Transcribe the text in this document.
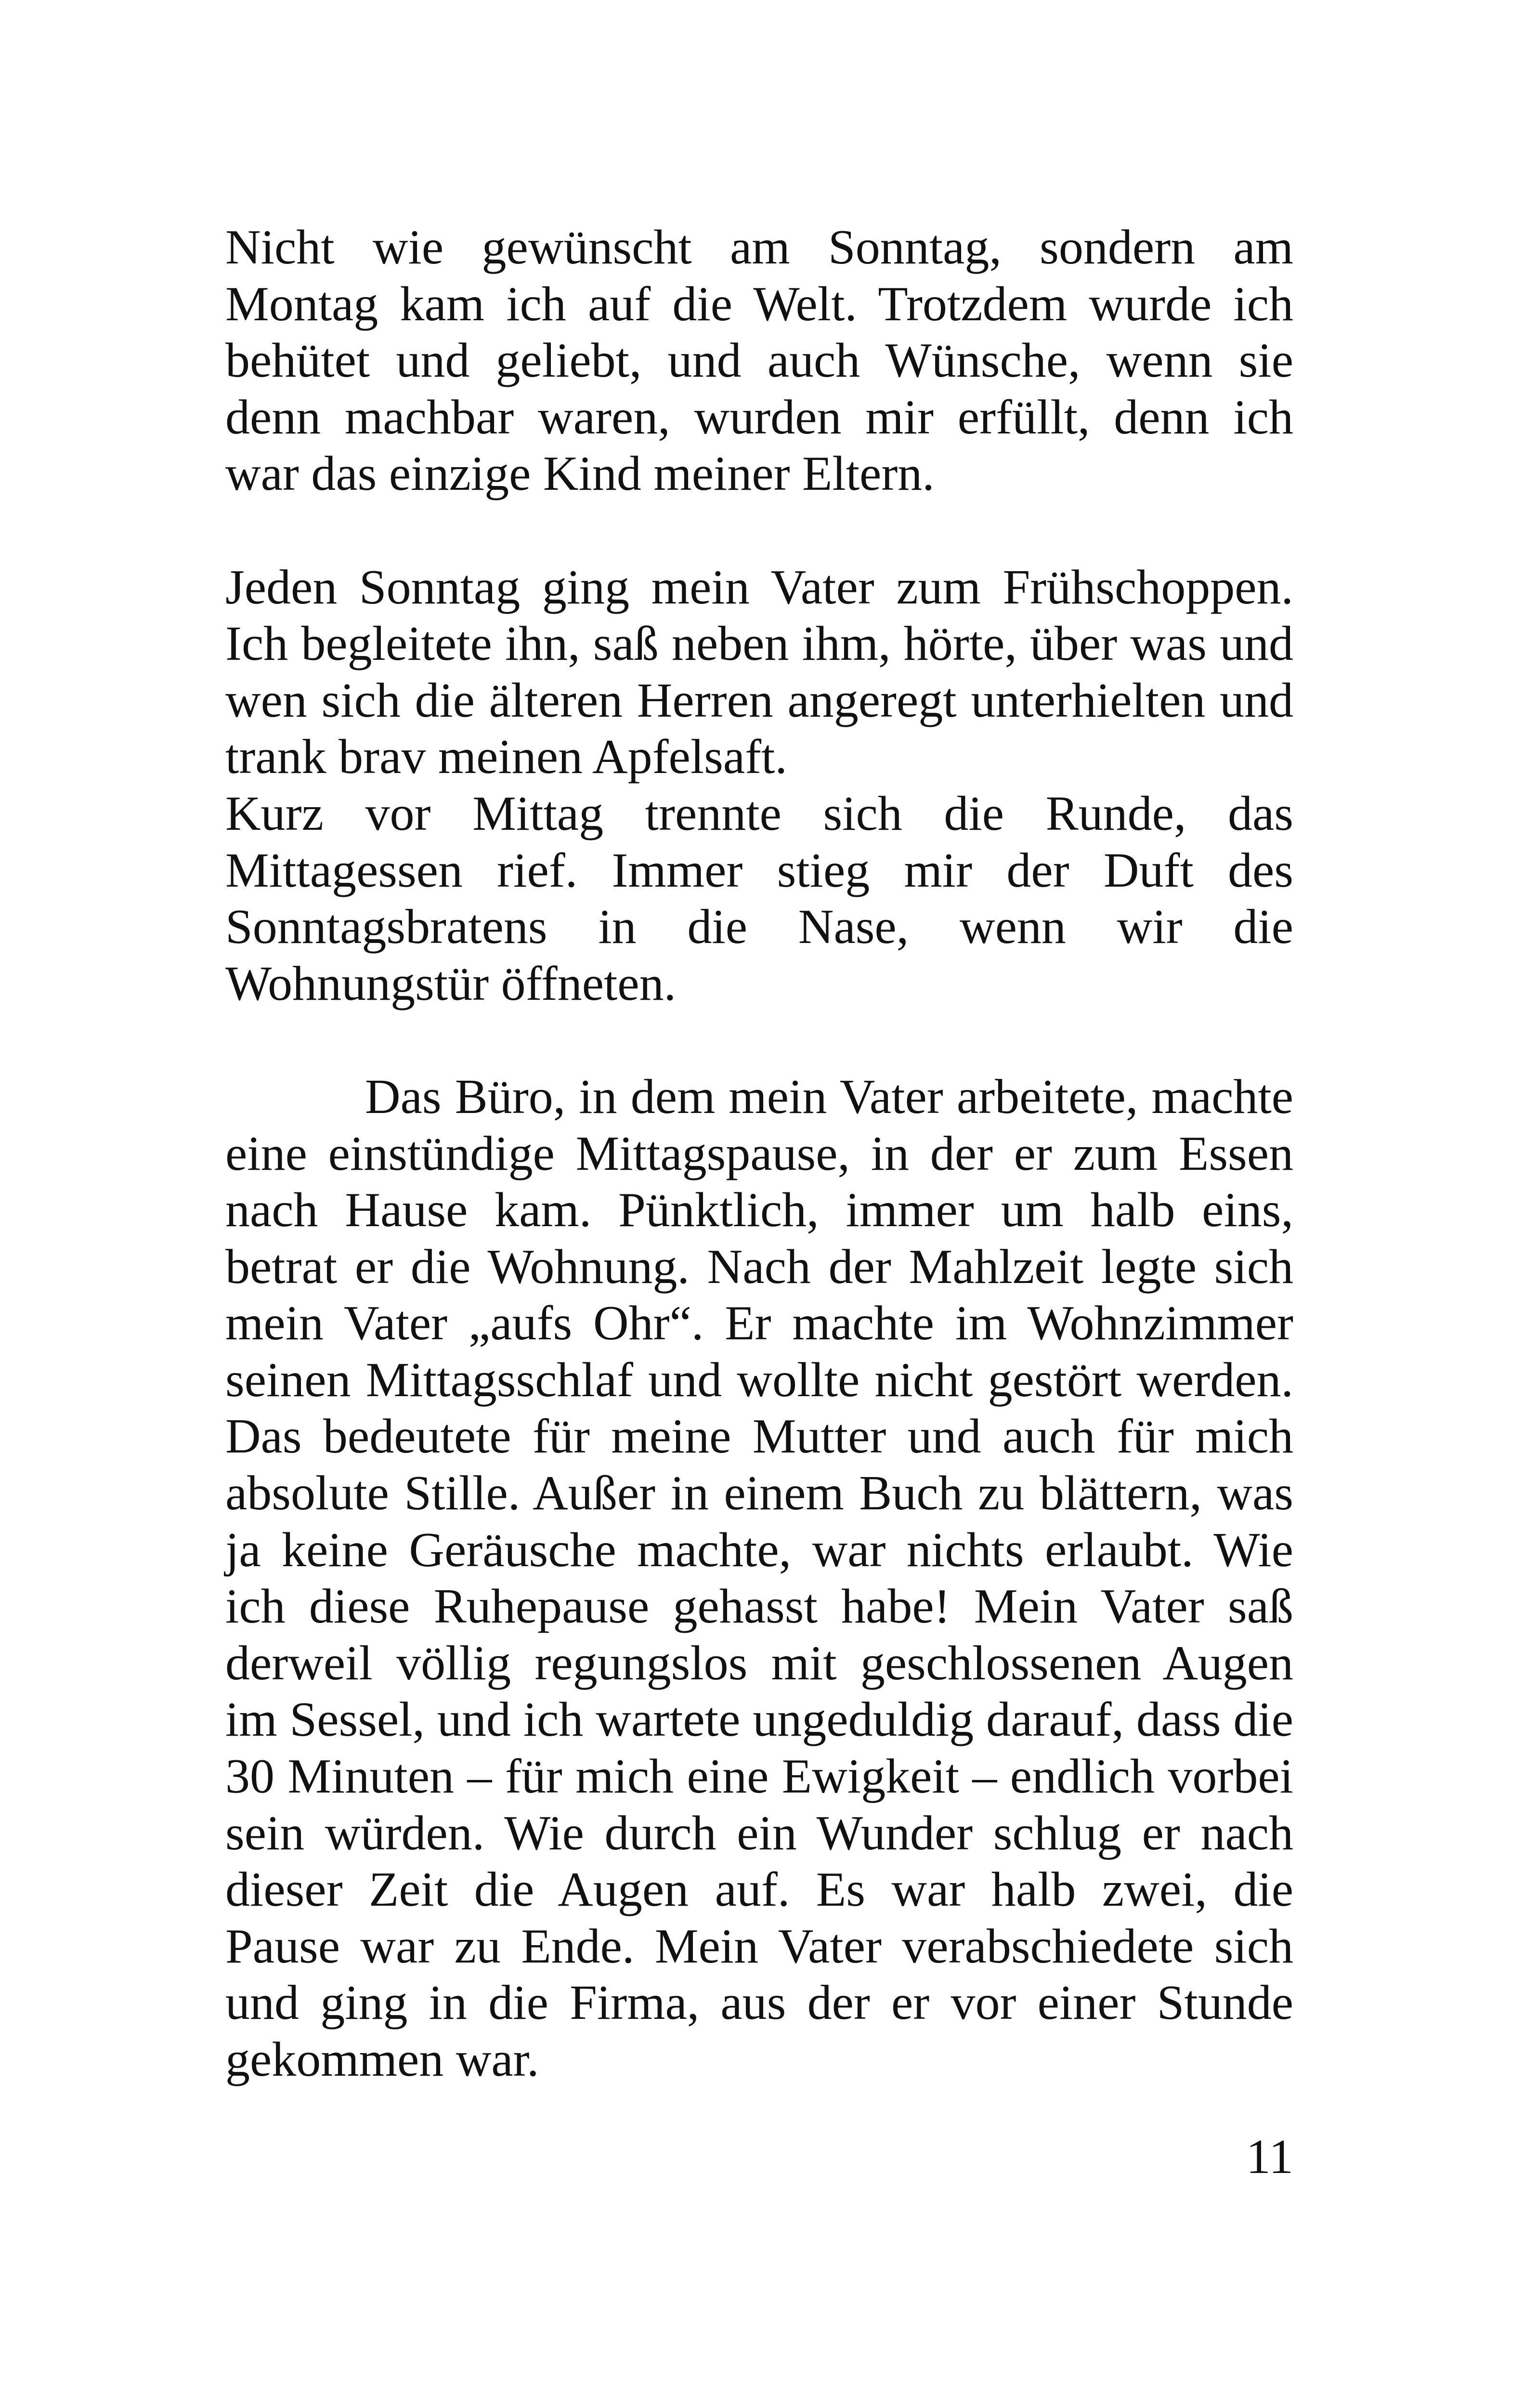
Nicht wie gewünscht am Sonntag, sondern am Montag kam ich auf die Welt. Trotzdem wurde ich behütet und geliebt, und auch Wünsche, wenn sie denn machbar waren, wurden mir erfüllt, denn ich war das einzige Kind meiner Eltern.

Jeden Sonntag ging mein Vater zum Frühschoppen. Ich begleitete ihn, saß neben ihm, hörte, über was und wen sich die älteren Herren angeregt unterhielten und trank brav meinen Apfelsaft.

Kurz vor Mittag trennte sich die Runde, das Mittagessen rief. Immer stieg mir der Duft des Sonntagsbratens in die Nase, wenn wir die Wohnungstür öffneten.

Das Büro, in dem mein Vater arbeitete, machte eine einstündige Mittagspause, in der er zum Essen nach Hause kam. Pünktlich, immer um halb eins, betrat er die Wohnung. Nach der Mahlzeit legte sich mein Vater „aufs Ohr“. Er machte im Wohnzimmer seinen Mittagsschlaf und wollte nicht gestört werden. Das bedeutete für meine Mutter und auch für mich absolute Stille. Außer in einem Buch zu blättern, was ja keine Geräusche machte, war nichts erlaubt. Wie ich diese Ruhepause gehasst habe! Mein Vater saß derweil völlig regungslos mit geschlossenen Augen im Sessel, und ich wartete ungeduldig darauf, dass die 30 Minuten – für mich eine Ewigkeit – endlich vorbei sein würden. Wie durch ein Wunder schlug er nach dieser Zeit die Augen auf. Es war halb zwei, die Pause war zu Ende. Mein Vater verabschiedete sich und ging in die Firma, aus der er vor einer Stunde gekommen war.

11
